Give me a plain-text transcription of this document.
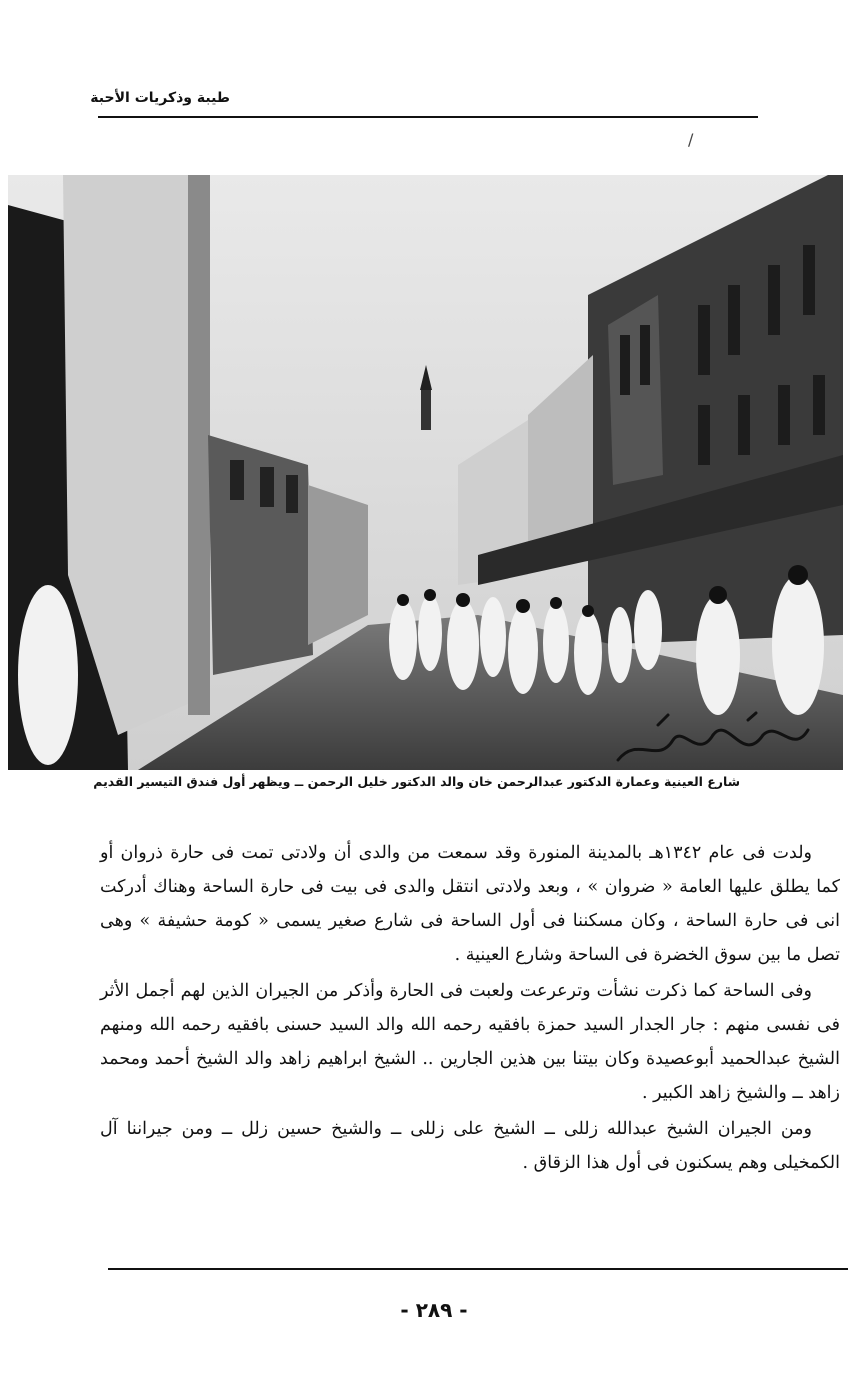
طيبة وذكريات الأحبة
/
شارع العينية وعمارة الدكتور عبدالرحمن خان والد الدكتور خليل الرحمن ــ ويظهر أول فندق التيسير القديم

ولدت فى عام ١٣٤٢هـ بالمدينة المنورة وقد سمعت من والدى أن ولادتى تمت فى حارة ذروان أو كما يطلق عليها العامة « ضروان » ، وبعد ولادتى انتقل والدى فى بيت فى حارة الساحة وهناك أدركت انى فى حارة الساحة ، وكان مسكننا فى أول الساحة فى شارع صغير يسمى « كومة حشيفة » وهى تصل ما بين سوق الخضرة فى الساحة وشارع العينية .

وفى الساحة كما ذكرت نشأت وترعرعت ولعبت فى الحارة وأذكر من الجيران الذين لهم أجمل الأثر فى نفسى منهم : جار الجدار السيد حمزة بافقيه رحمه الله والد السيد حسنى بافقيه رحمه الله ومنهم الشيخ عبدالحميد أبوعصيدة وكان بيتنا بين هذين الجارين .. الشيخ ابراهيم زاهد والد الشيخ أحمد ومحمد زاهد ــ والشيخ زاهد الكبير .

ومن الجيران الشيخ عبدالله زللى ــ الشيخ على زللى ــ والشيخ حسين زلل ــ ومن جيراننا آل الكمخيلى وهم يسكنون فى أول هذا الزقاق .

- ٢٨٩ -
